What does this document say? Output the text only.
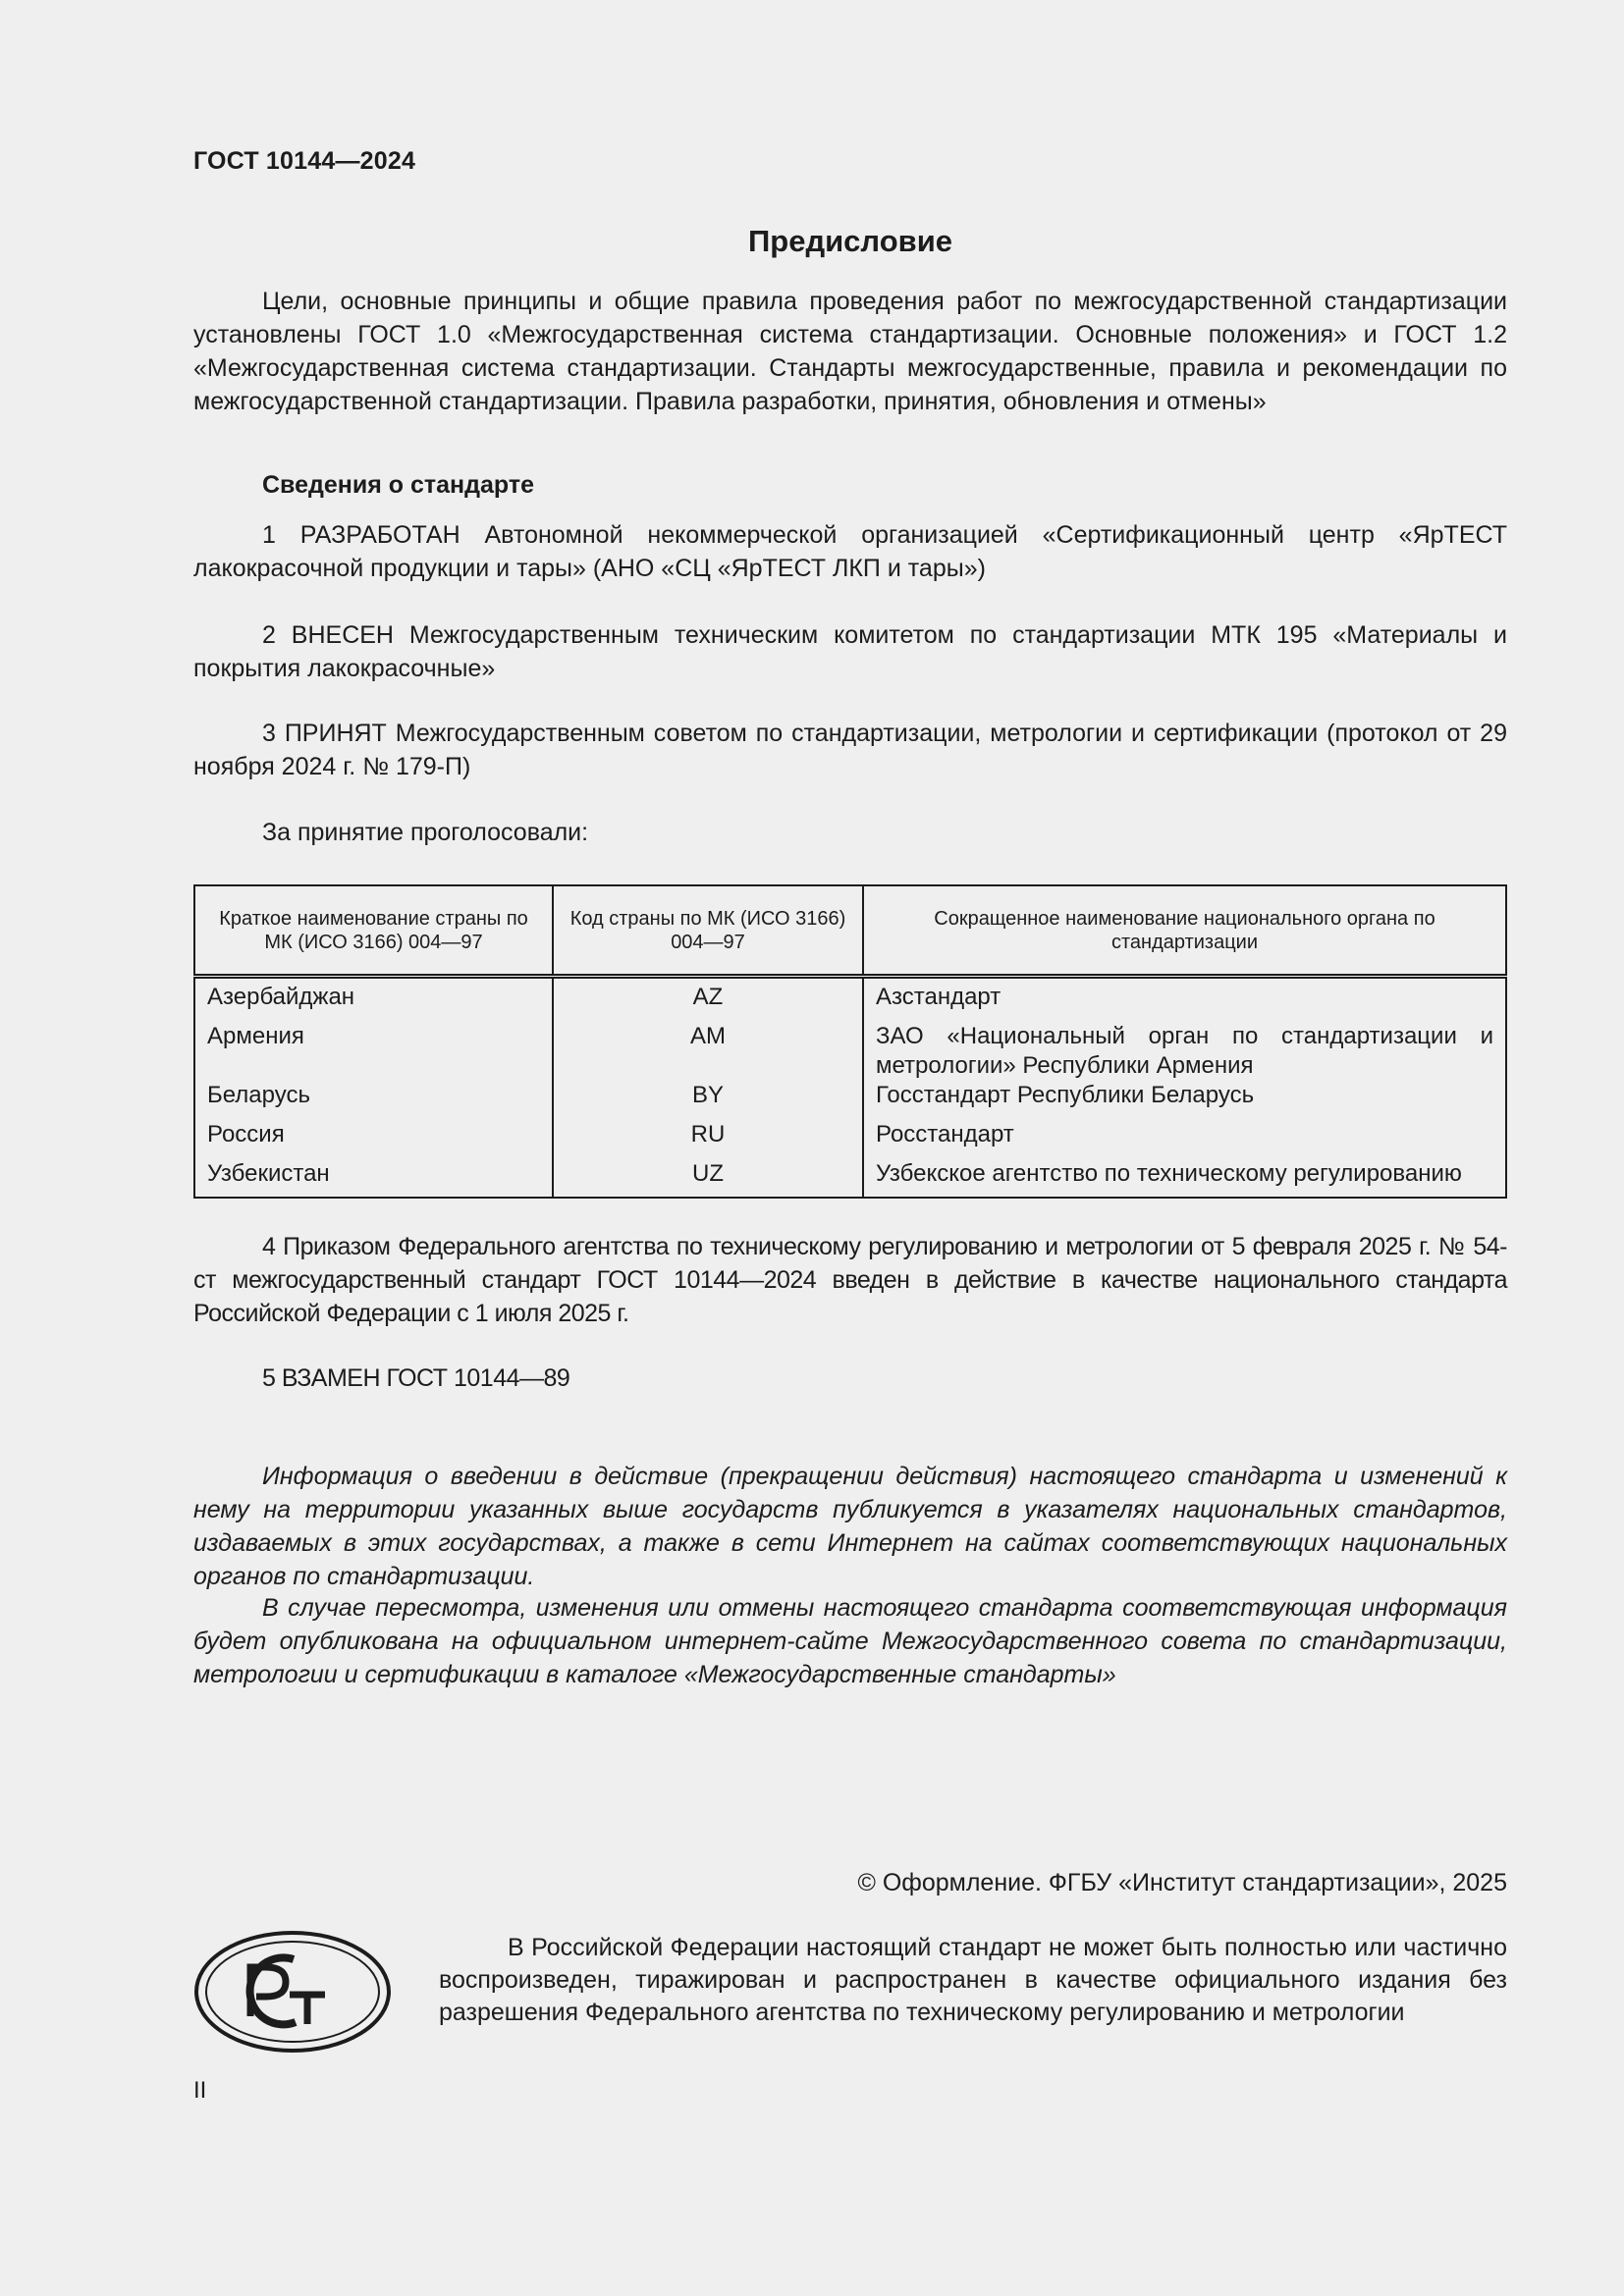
ГОСТ 10144—2024
Предисловие
Цели, основные принципы и общие правила проведения работ по межгосударственной стандартизации установлены ГОСТ 1.0 «Межгосударственная система стандартизации. Основные положения» и ГОСТ 1.2 «Межгосударственная система стандартизации. Стандарты межгосударственные, правила и рекомендации по межгосударственной стандартизации. Правила разработки, принятия, обновления и отмены»
Сведения о стандарте
1 РАЗРАБОТАН Автономной некоммерческой организацией «Сертификационный центр «ЯрТЕСТ лакокрасочной продукции и тары» (АНО «СЦ «ЯрТЕСТ ЛКП и тары»)
2 ВНЕСЕН Межгосударственным техническим комитетом по стандартизации МТК 195 «Материалы и покрытия лакокрасочные»
3 ПРИНЯТ Межгосударственным советом по стандартизации, метрологии и сертификации (протокол от 29 ноября 2024 г. № 179-П)
За принятие проголосовали:
Краткое наименование страны по МК (ИСО 3166) 004—97	Код страны по МК (ИСО 3166) 004—97	Сокращенное наименование национального органа по стандартизации
Азербайджан	AZ	Азстандарт
Армения	AM	ЗАО «Национальный орган по стандартизации и метрологии» Республики Армения
Беларусь	BY	Госстандарт Республики Беларусь
Россия	RU	Росстандарт
Узбекистан	UZ	Узбекское агентство по техническому регулированию
4 Приказом Федерального агентства по техническому регулированию и метрологии от 5 февраля 2025 г. № 54-ст межгосударственный стандарт ГОСТ 10144—2024 введен в действие в качестве национального стандарта Российской Федерации с 1 июля 2025 г.
5 ВЗАМЕН ГОСТ 10144—89
Информация о введении в действие (прекращении действия) настоящего стандарта и изменений к нему на территории указанных выше государств публикуется в указателях национальных стандартов, издаваемых в этих государствах, а также в сети Интернет на сайтах соответствующих национальных органов по стандартизации.
В случае пересмотра, изменения или отмены настоящего стандарта соответствующая информация будет опубликована на официальном интернет-сайте Межгосударственного совета по стандартизации, метрологии и сертификации в каталоге «Межгосударственные стандарты»
© Оформление. ФГБУ «Институт стандартизации», 2025
В Российской Федерации настоящий стандарт не может быть полностью или частично воспроизведен, тиражирован и распространен в качестве официального издания без разрешения Федерального агентства по техническому регулированию и метрологии
II
